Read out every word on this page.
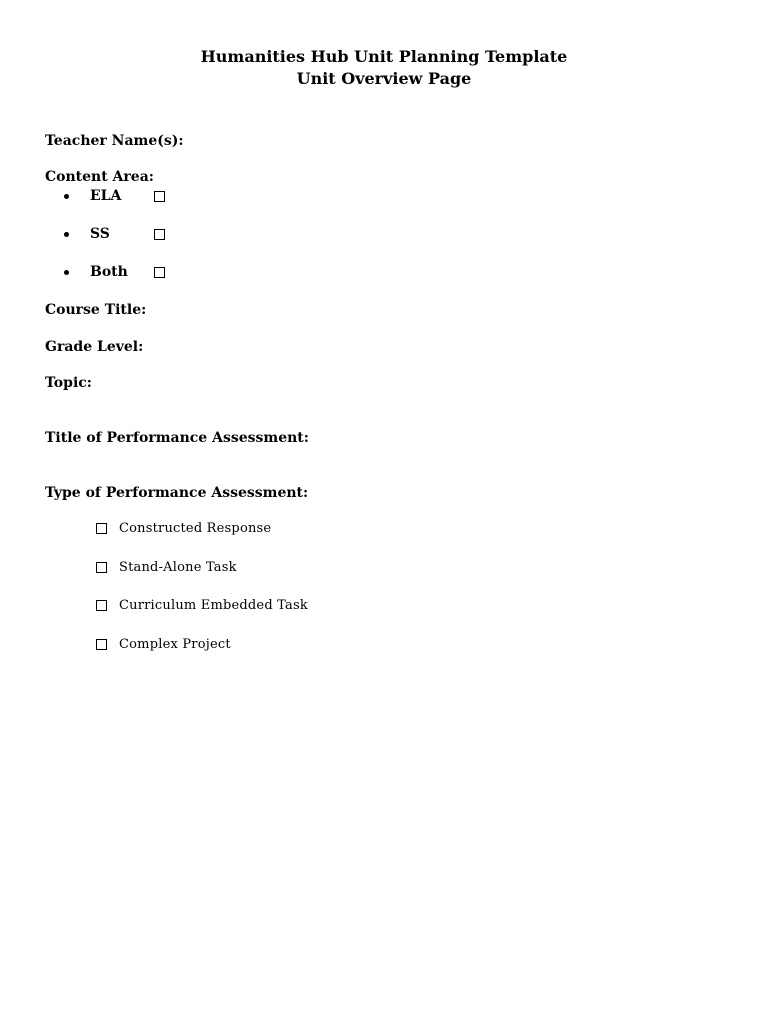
Humanities Hub Unit Planning Template
Unit Overview Page
Teacher Name(s):
Content Area:
ELA
SS
Both
Course Title:
Grade Level:
Topic:
Title of Performance Assessment:
Type of Performance Assessment:
Constructed Response
Stand-Alone Task
Curriculum Embedded Task
Complex Project
